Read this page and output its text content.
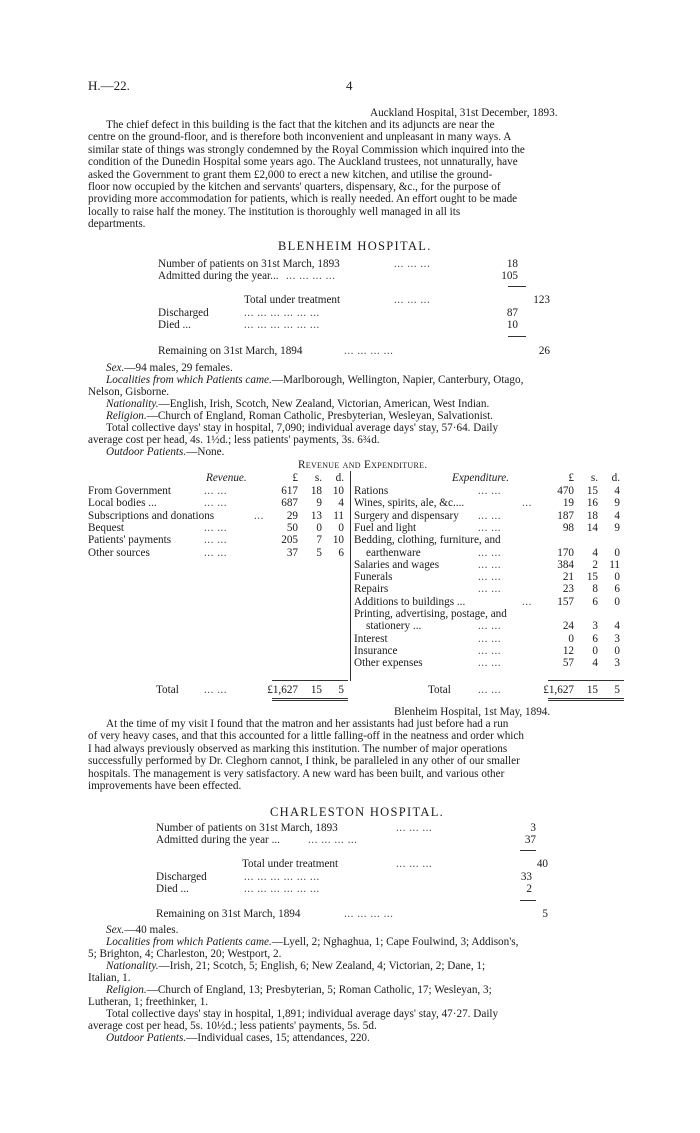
H.—22.	4
Auckland Hospital, 31st December, 1893.
The chief defect in this building is the fact that the kitchen and its adjuncts are near the
centre on the ground-floor, and is therefore both inconvenient and unpleasant in many ways. A
similar state of things was strongly condemned by the Royal Commission which inquired into the
condition of the Dunedin Hospital some years ago. The Auckland trustees, not unnaturally, have
asked the Government to grant them £2,000 to erect a new kitchen, and utilise the ground-
floor now occupied by the kitchen and servants' quarters, dispensary, &c., for the purpose of
providing more accommodation for patients, which is really needed. An effort ought to be made
locally to raise half the money. The institution is thoroughly well managed in all its
departments.
BLENHEIM HOSPITAL.
Number of patients on 31st March, 1893	... ... ...	18
Admitted during the year... ... ... ... ...	105
Total under treatment	... ... ...	123
Discharged	... ... ... ... ... ...	87
Died ...	... ... ... ... ... ...	10
Remaining on 31st March, 1894	... ... ... ...	26
Sex.—94 males, 29 females.
Localities from which Patients came.—Marlborough, Wellington, Napier, Canterbury, Otago,
Nelson, Gisborne.
Nationality.—English, Irish, Scotch, New Zealand, Victorian, American, West Indian.
Religion.—Church of England, Roman Catholic, Presbyterian, Wesleyan, Salvationist.
Total collective days' stay in hospital, 7,090; individual average days' stay, 57·64. Daily
average cost per head, 4s. 1½d.; less patients' payments, 3s. 6¾d.
Outdoor Patients.—None.
Revenue and Expenditure.
Revenue.	Expenditure.
£	s.	d.	£	s.	d.
From Government	... ...	617	18 10
Local bodies ...	... ...	687	9	4
Subscriptions and donations	...	29	13	11
Bequest	... ...	50	0	0
Patients' payments	... ...	205	7 10
Other sources	... ...	37	5	6
Rations	... ...	470	15	4
Wines, spirits, ale, &c....	...	19	16	9
Surgery and dispensary ... ...	187	18	4
Fuel and light	... ...	98	14	9
Bedding, clothing, furniture, and
earthenware	... ...	170	4	0
Salaries and wages	... ...	384	2	11
Funerals	... ...	21	15	0
Repairs	... ...	23	8	6
Additions to buildings ...	...	157	6	0
Printing, advertising, postage, and
stationery ...	... ...	24	3	4
Interest	... ...	0	6	3
Insurance	... ...	12	0	0
Other expenses	... ...	57	4	3
Total ... ...	£1,627	15	5	Total ... ...	£1,627	15	5
Blenheim Hospital, 1st May, 1894.
At the time of my visit I found that the matron and her assistants had just before had a run
of very heavy cases, and that this accounted for a little falling-off in the neatness and order which
I had always previously observed as marking this institution. The number of major operations
successfully performed by Dr. Cleghorn cannot, I think, be paralleled in any other of our smaller
hospitals. The management is very satisfactory. A new ward has been built, and various other
improvements have been effected.
CHARLESTON HOSPITAL.
Number of patients on 31st March, 1893	... ... ...	3
Admitted during the year ...	... ... ... ...	37
Total under treatment	... ... ...	40
Discharged	... ... ... ... ... ...	33
Died ...	... ... ... ... ... ...	2
Remaining on 31st March, 1894	... ... ... ...	5
Sex.—40 males.
Localities from which Patients came.—Lyell, 2; Nghaghua, 1; Cape Foulwind, 3; Addison's,
5; Brighton, 4; Charleston, 20; Westport, 2.
Nationality.—Irish, 21; Scotch, 5; English, 6; New Zealand, 4; Victorian, 2; Dane, 1;
Italian, 1.
Religion.—Church of England, 13; Presbyterian, 5; Roman Catholic, 17; Wesleyan, 3;
Lutheran, 1; freethinker, 1.
Total collective days' stay in hospital, 1,891; individual average days' stay, 47·27. Daily
average cost per head, 5s. 10½d.; less patients' payments, 5s. 5d.
Outdoor Patients.—Individual cases, 15; attendances, 220.
